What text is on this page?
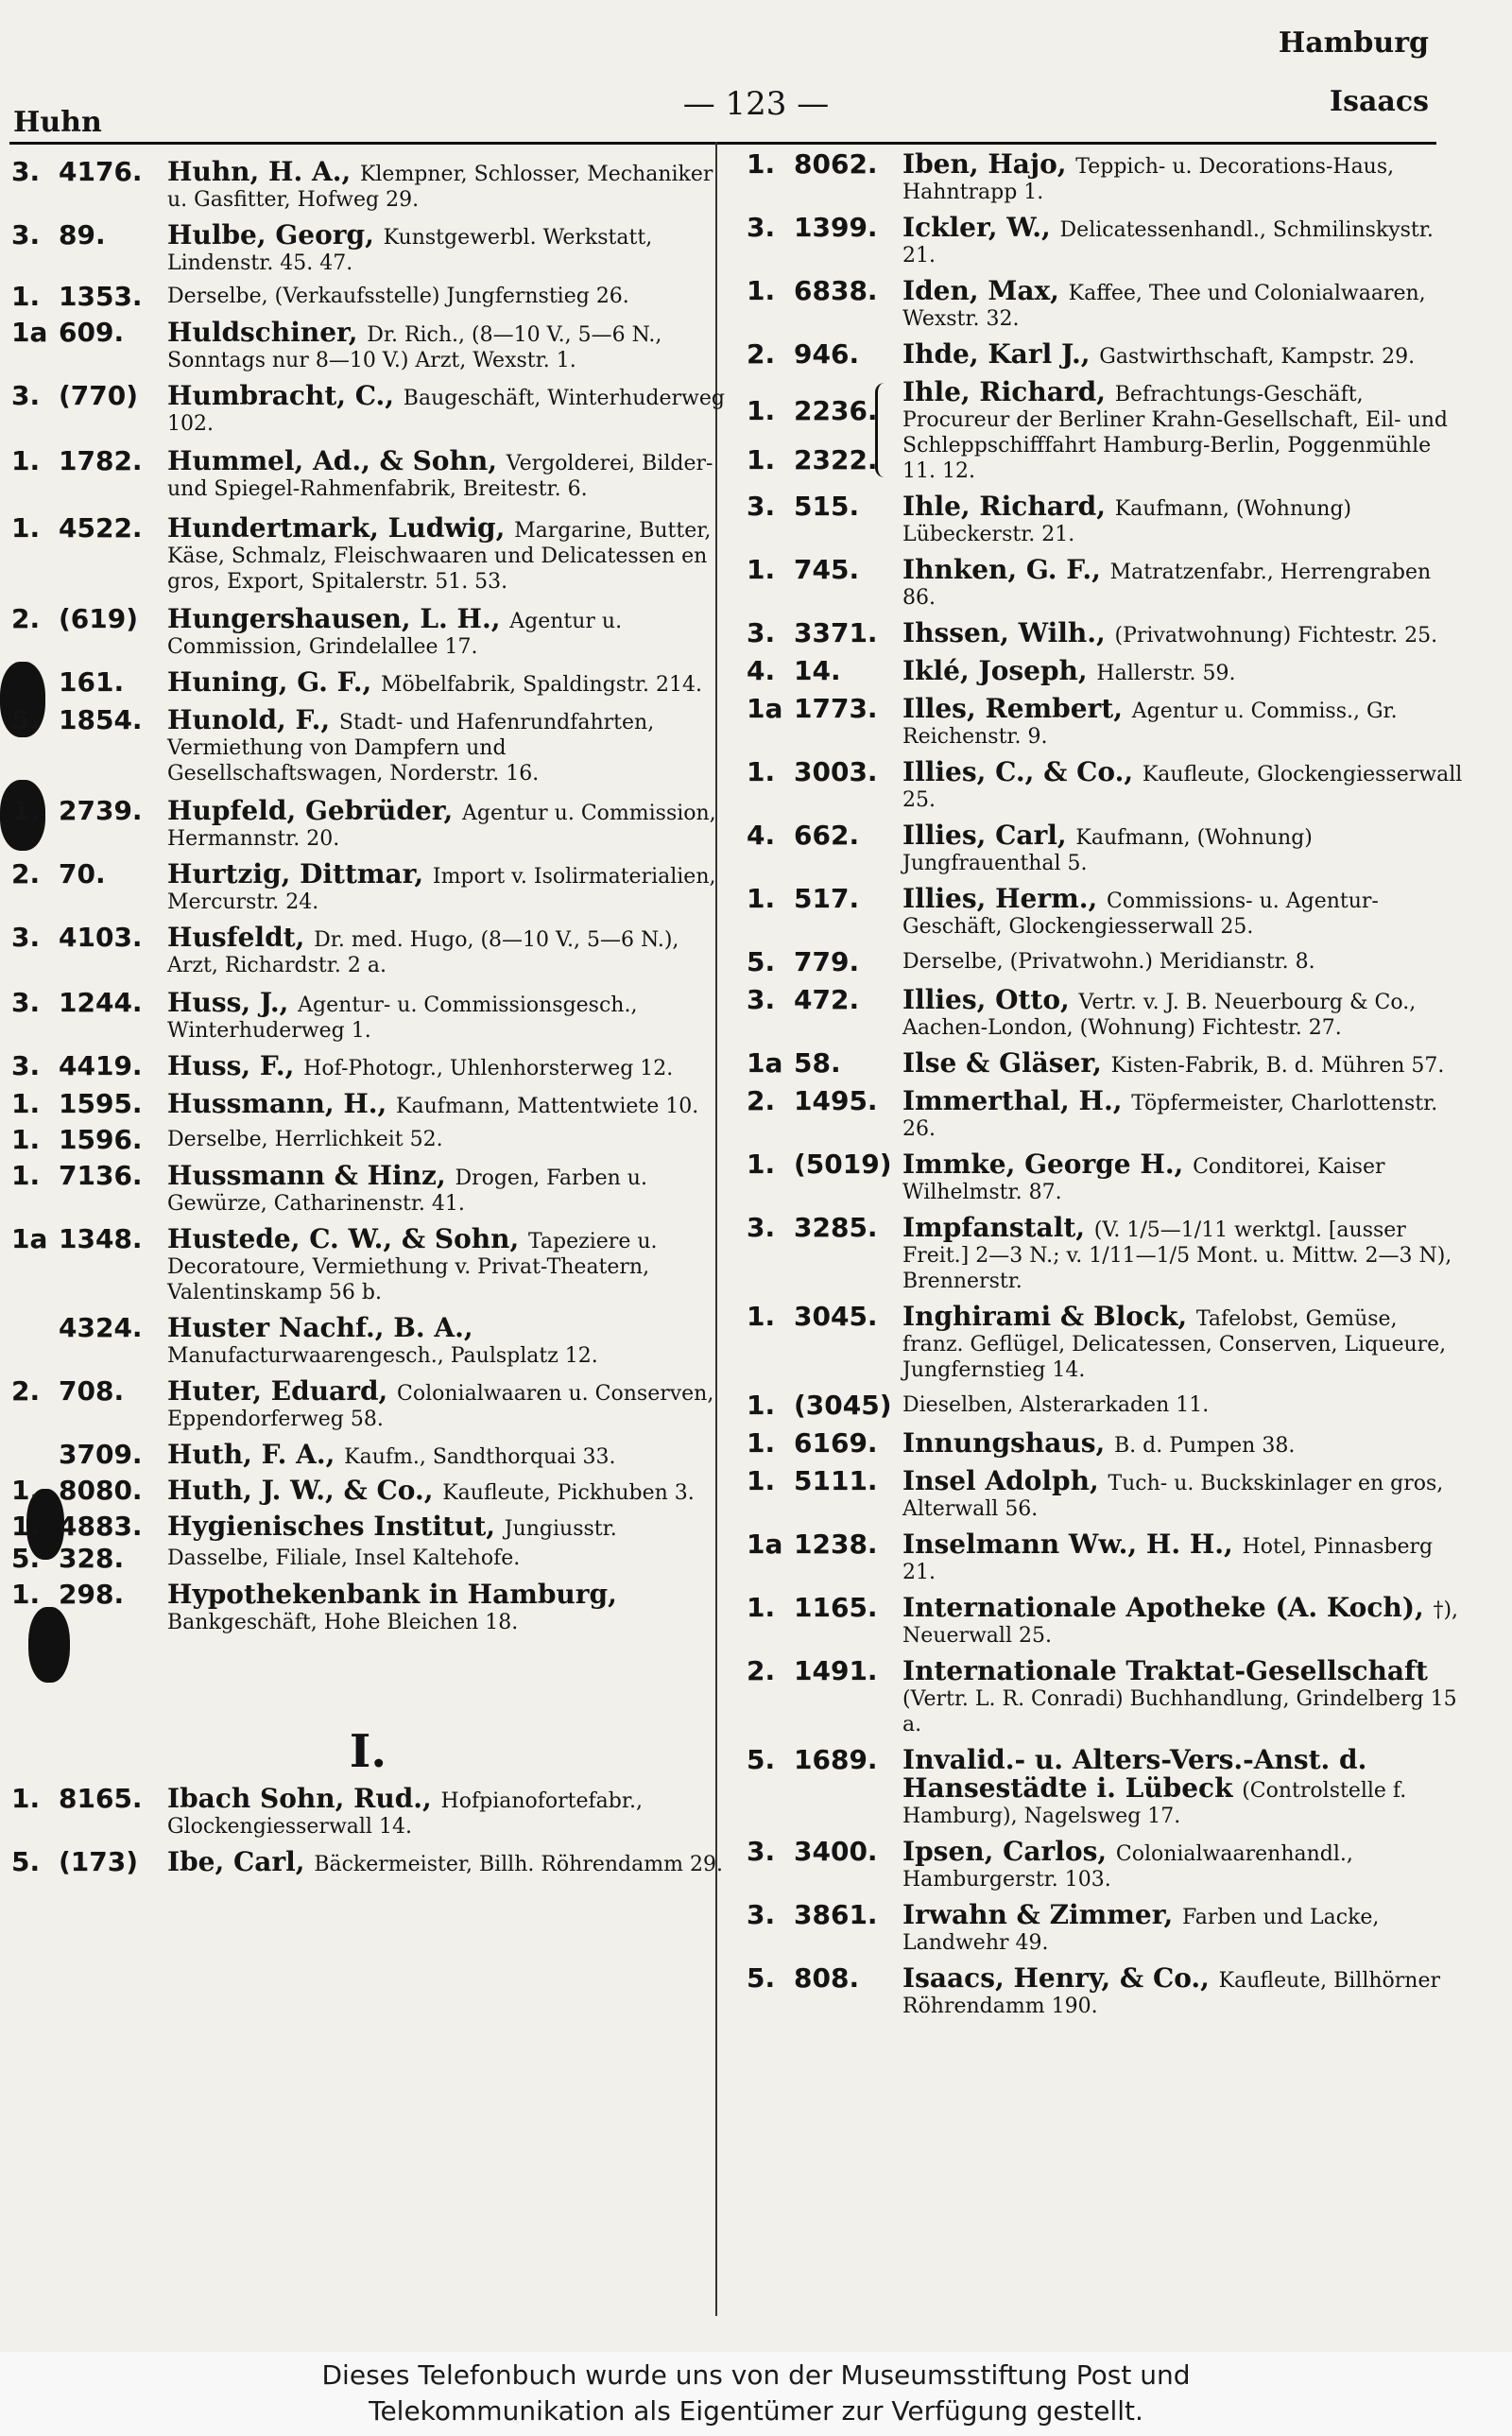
Hamburg
— 123 —
Huhn
Isaacs
3. 4176. Huhn, H. A., Klempner, Schlosser, Mechaniker u. Gasfitter, Hofweg 29.
3. 89.	Hulbe, Georg, Kunstgewerbl. Werkstatt, Lindenstr. 45. 47.
1. 1353.	Derselbe, (Verkaufsstelle) Jungfernstieg 26.
1a 609.	Huldschiner, Dr. Rich., (8—10 V., 5—6 N., Sonntags nur 8—10 V.) Arzt, Wexstr. 1.
3. (770)	Humbracht, C., Baugeschäft, Winterhuderweg 102.
1. 1782. Hummel, Ad., & Sohn, Vergolderei, Bilder- und Spiegel-Rahmenfabrik, Breitestr. 6.
1. 4522. Hundertmark, Ludwig, Margarine, Butter, Käse, Schmalz, Fleischwaaren und Delicatessen en gros, Export, Spitalerstr. 51. 53.
2. (619)	Hungershausen, L. H., Agentur u. Commission, Grindelallee 17.
161.	Huning, G. F., Möbelfabrik, Spaldingstr. 214.
5. 1854. Hunold, F., Stadt- und Hafenrundfahrten, Vermiethung von Dampfern und Gesellschaftswagen, Norderstr. 16.
1. 2739. Hupfeld, Gebrüder, Agentur u. Commission, Hermannstr. 20.
2. 70.	Hurtzig, Dittmar, Import v. Isolirmaterialien, Mercurstr. 24.
3. 4103. Husfeldt, Dr. med. Hugo, (8—10 V., 5—6 N.), Arzt, Richardstr. 2 a.
3. 1244. Huss, J., Agentur- u. Commissionsgesch., Winterhuderweg 1.
3. 4419. Huss, F., Hof-Photogr., Uhlenhorsterweg 12.
1. 1595. Hussmann, H., Kaufmann, Mattentwiete 10.
1. 1596.	Derselbe, Herrlichkeit 52.
1. 7136. Hussmann & Hinz, Drogen, Farben u. Gewürze, Catharinenstr. 41.
1a 1348. Hustede, C. W., & Sohn, Tapeziere u. Decoratoure, Vermiethung v. Privat-Theatern, Valentinskamp 56 b.
4324. Huster Nachf., B. A., Manufacturwaarengesch., Paulsplatz 12.
2. 708.	Huter, Eduard, Colonialwaaren u. Conserven, Eppendorferweg 58.
3709. Huth, F. A., Kaufm., Sandthorquai 33.
1. 8080. Huth, J. W., & Co., Kaufleute, Pickhuben 3.
1. 4883. Hygienisches Institut, Jungiusstr.
5. 328.	Dasselbe, Filiale, Insel Kaltehofe.
1. 298.	Hypothekenbank in Hamburg, Bankgeschäft, Hohe Bleichen 18.
I.
1. 8165. Ibach Sohn, Rud., Hofpianofortefabr., Glockengiesserwall 14.
5. (173)	Ibe, Carl, Bäckermeister, Billh. Röhrendamm 29.
1. 8062. Iben, Hajo, Teppich- u. Decorations-Haus, Hahntrapp 1.
3. 1399. Ickler, W., Delicatessenhandl., Schmilinskystr. 21.
1. 6838. Iden, Max, Kaffee, Thee und Colonialwaaren, Wexstr. 32.
2. 946.	Ihde, Karl J., Gastwirthschaft, Kampstr. 29.
1. 2236.
1. 2322.
Ihle, Richard, Befrachtungs-Geschäft, Procureur der Berliner Krahn-Gesellschaft, Eil- und Schleppschifffahrt Hamburg-Berlin, Poggenmühle 11. 12.
3. 515.	Ihle, Richard, Kaufmann, (Wohnung) Lübeckerstr. 21.
1. 745.	Ihnken, G. F., Matratzenfabr., Herrengraben 86.
3. 3371. Ihssen, Wilh., (Privatwohnung) Fichtestr. 25.
4. 14.	Iklé, Joseph, Hallerstr. 59.
1a 1773. Illes, Rembert, Agentur u. Commiss., Gr. Reichenstr. 9.
1. 3003. Illies, C., & Co., Kaufleute, Glockengiesserwall 25.
4. 662.	Illies, Carl, Kaufmann, (Wohnung) Jungfrauenthal 5.
1. 517.	Illies, Herm., Commissions- u. Agentur-Geschäft, Glockengiesserwall 25.
5. 779.	Derselbe, (Privatwohn.) Meridianstr. 8.
3. 472.	Illies, Otto, Vertr. v. J. B. Neuerbourg & Co., Aachen-London, (Wohnung) Fichtestr. 27.
1a 58.	Ilse & Gläser, Kisten-Fabrik, B. d. Mühren 57.
2. 1495. Immerthal, H., Töpfermeister, Charlottenstr. 26.
1. (5019) Immke, George H., Conditorei, Kaiser Wilhelmstr. 87.
3. 3285. Impfanstalt, (V. 1/5—1/11 werktgl. [ausser Freit.] 2—3 N.; v. 1/11—1/5 Mont. u. Mittw. 2—3 N), Brennerstr.
1. 3045. Inghirami & Block, Tafelobst, Gemüse, franz. Geflügel, Delicatessen, Conserven, Liqueure, Jungfernstieg 14.
1. (3045) Dieselben, Alsterarkaden 11.
1. 6169. Innungshaus, B. d. Pumpen 38.
1. 5111. Insel Adolph, Tuch- u. Buckskinlager en gros, Alterwall 56.
1a 1238. Inselmann Ww., H. H., Hotel, Pinnasberg 21.
1. 1165. Internationale Apotheke (A. Koch), †), Neuerwall 25.
2. 1491. Internationale Traktat-Gesellschaft (Vertr. L. R. Conradi) Buchhandlung, Grindelberg 15 a.
5. 1689. Invalid.- u. Alters-Vers.-Anst. d. Hansestädte i. Lübeck (Controlstelle f. Hamburg), Nagelsweg 17.
3. 3400. Ipsen, Carlos, Colonialwaarenhandl., Hamburgerstr. 103.
3. 3861. Irwahn & Zimmer, Farben und Lacke, Landwehr 49.
5. 808.	Isaacs, Henry, & Co., Kaufleute, Billhörner Röhrendamm 190.
Dieses Telefonbuch wurde uns von der Museumsstiftung Post und
Telekommunikation als Eigentümer zur Verfügung gestellt.
